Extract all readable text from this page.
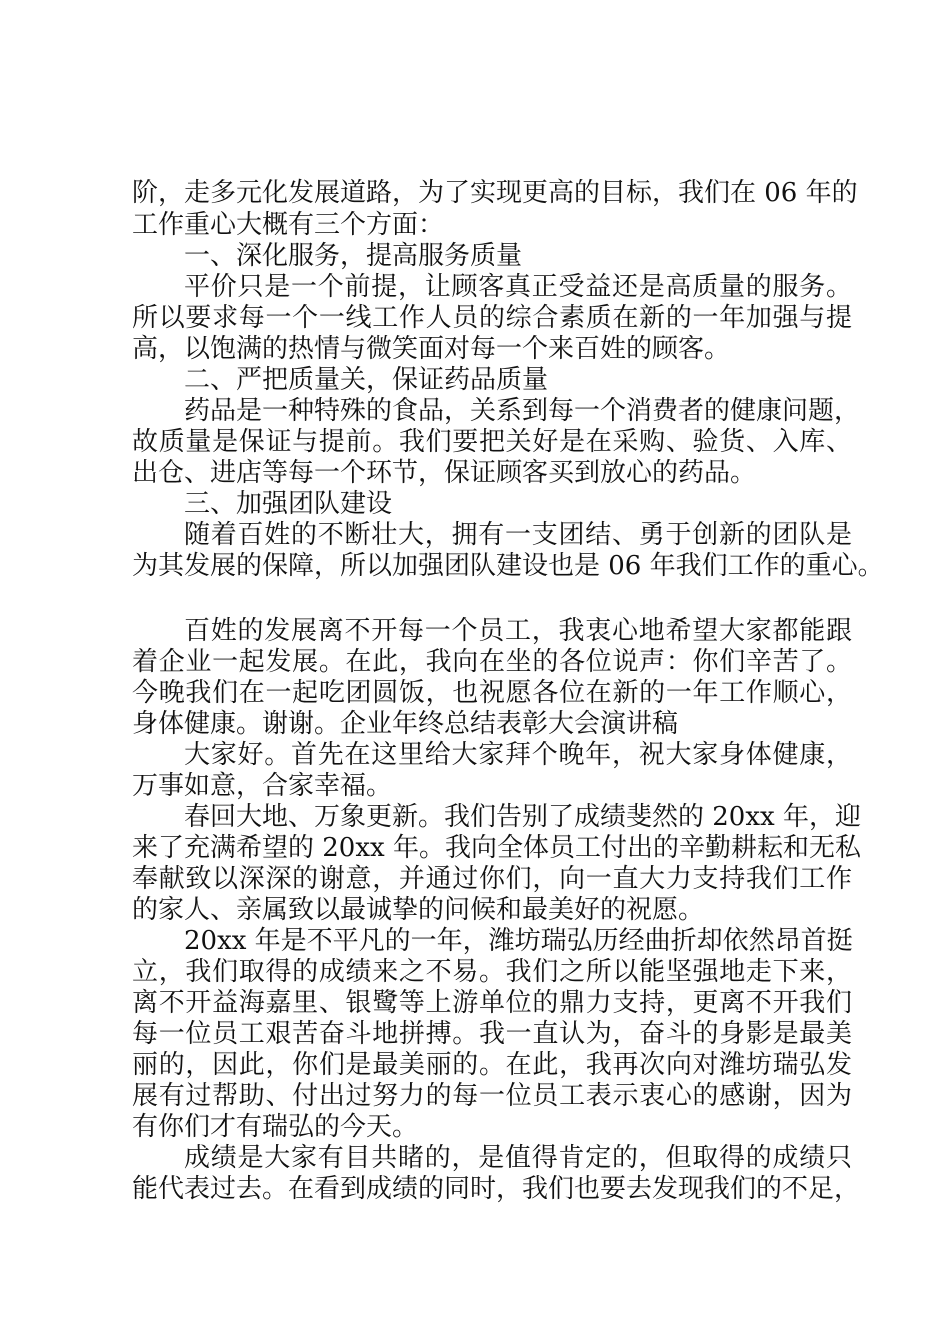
阶，走多元化发展道路，为了实现更高的目标，我们在 06 年的
工作重心大概有三个方面：
一、深化服务，提高服务质量
平价只是一个前提，让顾客真正受益还是高质量的服务。
所以要求每一个一线工作人员的综合素质在新的一年加强与提
高，以饱满的热情与微笑面对每一个来百姓的顾客。
二、严把质量关，保证药品质量
药品是一种特殊的食品，关系到每一个消费者的健康问题，
故质量是保证与提前。我们要把关好是在采购、验货、入库、
出仓、进店等每一个环节，保证顾客买到放心的药品。
三、加强团队建设
随着百姓的不断壮大，拥有一支团结、勇于创新的团队是
为其发展的保障，所以加强团队建设也是 06 年我们工作的重心。
百姓的发展离不开每一个员工，我衷心地希望大家都能跟
着企业一起发展。在此，我向在坐的各位说声：你们辛苦了。
今晚我们在一起吃团圆饭，也祝愿各位在新的一年工作顺心，
身体健康。谢谢。企业年终总结表彰大会演讲稿
大家好。首先在这里给大家拜个晚年，祝大家身体健康，
万事如意，合家幸福。
春回大地、万象更新。我们告别了成绩斐然的 20xx 年，迎
来了充满希望的 20xx 年。我向全体员工付出的辛勤耕耘和无私
奉献致以深深的谢意，并通过你们，向一直大力支持我们工作
的家人、亲属致以最诚挚的问候和最美好的祝愿。
20xx 年是不平凡的一年，潍坊瑞弘历经曲折却依然昂首挺
立，我们取得的成绩来之不易。我们之所以能坚强地走下来，
离不开益海嘉里、银鹭等上游单位的鼎力支持，更离不开我们
每一位员工艰苦奋斗地拼搏。我一直认为，奋斗的身影是最美
丽的，因此，你们是最美丽的。在此，我再次向对潍坊瑞弘发
展有过帮助、付出过努力的每一位员工表示衷心的感谢，因为
有你们才有瑞弘的今天。
成绩是大家有目共睹的，是值得肯定的，但取得的成绩只
能代表过去。在看到成绩的同时，我们也要去发现我们的不足，
